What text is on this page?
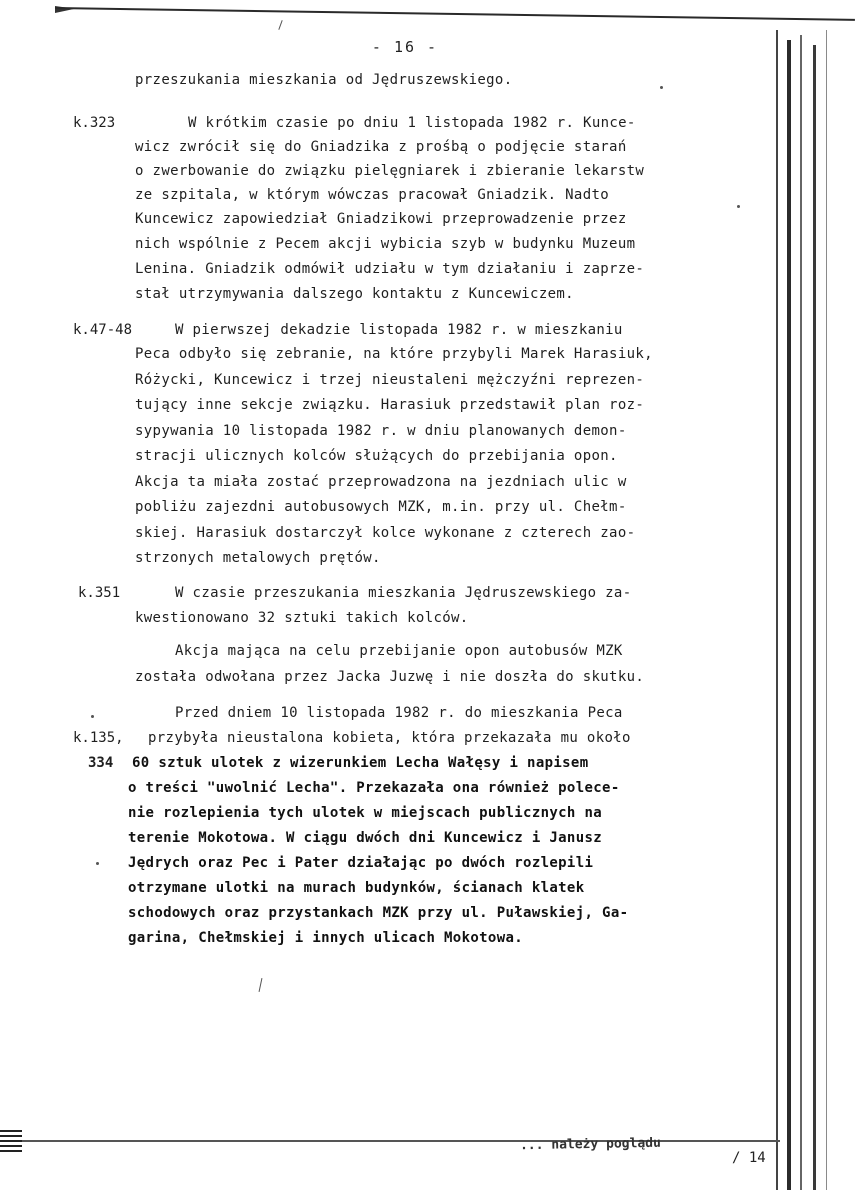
- 16 -
przeszukania mieszkania od Jędruszewskiego.
W krótkim czasie po dniu 1 listopada 1982 r. Kunce-
wicz zwrócił się do Gniadzika z prośbą o podjęcie starań
o zwerbowanie do związku pielęgniarek i zbieranie lekarstw
ze szpitala, w którym wówczas pracował Gniadzik. Nadto
Kuncewicz zapowiedział Gniadzikowi przeprowadzenie przez
nich wspólnie z Pecem akcji wybicia szyb w budynku Muzeum
Lenina. Gniadzik odmówił udziału w tym działaniu i zaprze-
stał utrzymywania dalszego kontaktu z Kuncewiczem.
W pierwszej dekadzie listopada 1982 r. w mieszkaniu
Peca odbyło się zebranie, na które przybyli Marek Harasiuk,
Różycki, Kuncewicz i trzej nieustaleni mężczyźni reprezen-
tujący inne sekcje związku. Harasiuk przedstawił plan roz-
sypywania 10 listopada 1982 r. w dniu planowanych demon-
stracji ulicznych kolców służących do przebijania opon.
Akcja ta miała zostać przeprowadzona na jezdniach ulic w
pobliżu zajezdni autobusowych MZK, m.in. przy ul. Chełm-
skiej. Harasiuk dostarczył kolce wykonane z czterech zao-
strzonych metalowych prętów.
W czasie przeszukania mieszkania Jędruszewskiego za-
kwestionowano 32 sztuki takich kolców.
Akcja mająca na celu przebijanie opon autobusów MZK
została odwołana przez Jacka Juzwę i nie doszła do skutku.
Przed dniem 10 listopada 1982 r. do mieszkania Peca
przybyła nieustalona kobieta, która przekazała mu około
60 sztuk ulotek z wizerunkiem Lecha Wałęsy i napisem
o treści "uwolnić Lecha". Przekazała ona również polece-
nie rozlepienia tych ulotek w miejscach publicznych na
terenie Mokotowa. W ciągu dwóch dni Kuncewicz i Janusz
Jędrych oraz Pec i Pater działając po dwóch rozlepili
otrzymane ulotki na murach budynków, ścianach klatek
schodowych oraz przystankach MZK przy ul. Puławskiej, Ga-
garina, Chełmskiej i innych ulicach Mokotowa.
k.323
k.47-48
k.351
k.135,
334
... należy poglądu
/ 14
